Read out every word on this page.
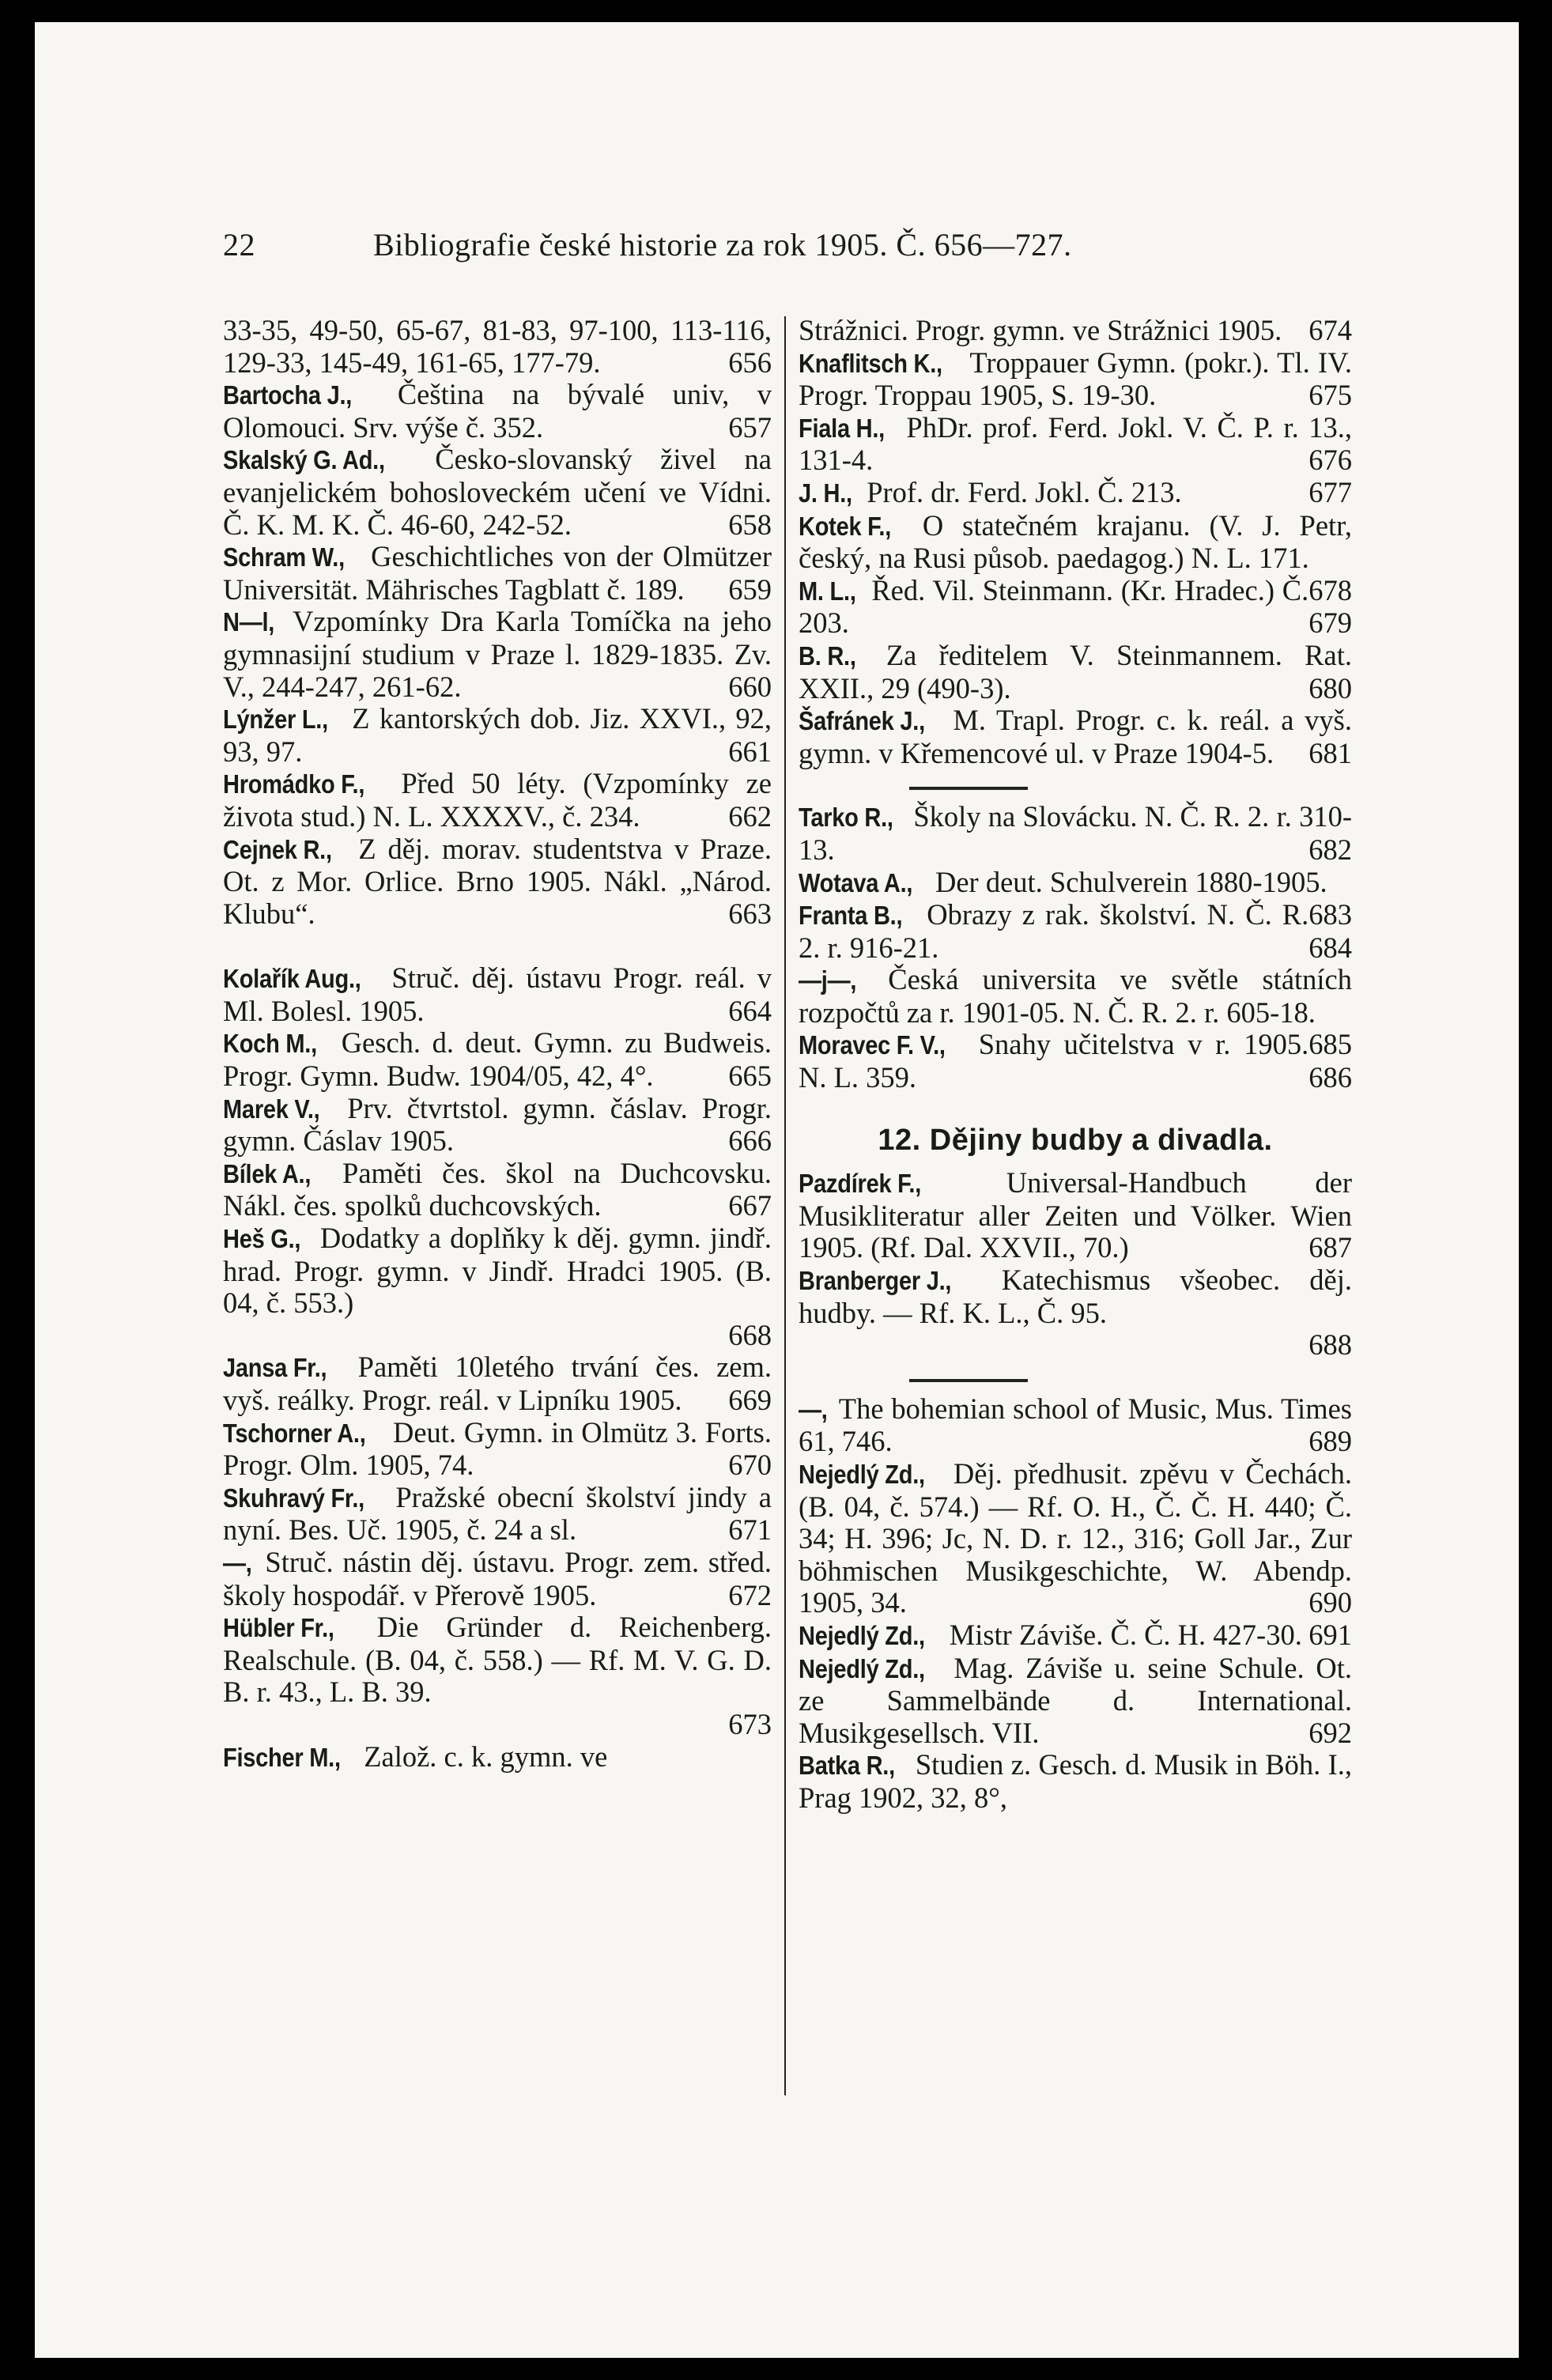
22	Bibliografie české historie za rok 1905. Č. 656—727.

33-35, 49-50, 65-67, 81-83, 97-100, 113-116, 129-33, 145-49, 161-65, 177-79.	656

Bartocha J., Čeština na bývalé univ, v Olomouci. Srv. výše č. 352.	657

Skalský G. Ad., Česko-slovanský živel na evanjelickém bohosloveckém učení ve Vídni. Č. K. M. K. Č. 46-60, 242-52.	658

Schram W., Geschichtliches von der Olmützer Universität. Mährisches Tagblatt č. 189. 659

N—l, Vzpomínky Dra Karla Tomíčka na jeho gymnasijní studium v Praze l. 1829-1835. Zv. V., 244-247, 261-62.	660

Lýnžer L., Z kantorských dob. Jiz. XXVI., 92, 93, 97.	661

Hromádko F., Před 50 léty. (Vzpomínky ze života stud.) N. L. XXXXV., č. 234.	662

Cejnek R., Z děj. morav. studentstva v Praze. Ot. z Mor. Orlice. Brno 1905. Nákl. „Národ. Klubu“.	663

Kolařík Aug., Struč. děj. ústavu Progr. reál. v Ml. Bolesl. 1905.	664

Koch M., Gesch. d. deut. Gymn. zu Budweis. Progr. Gymn. Budw. 1904/05, 42, 4°.	665

Marek V., Prv. čtvrtstol. gymn. čáslav. Progr. gymn. Čáslav 1905.	666

Bílek A., Paměti čes. škol na Duchcovsku. Nákl. čes. spolků duchcovských.	667

Heš G., Dodatky a doplňky k děj. gymn. jindř. hrad. Progr. gymn. v Jindř. Hradci 1905. (B. 04, č. 553.)
668

Jansa Fr., Paměti 10letého trvání čes. zem. vyš. reálky. Progr. reál. v Lipníku 1905. 669

Tschorner A., Deut. Gymn. in Olmütz 3. Forts. Progr. Olm. 1905, 74.	670

Skuhravý Fr., Pražské obecní školství jindy a nyní. Bes. Uč. 1905, č. 24 a sl.	671

—, Struč. nástin děj. ústavu. Progr. zem. střed. školy hospodář. v Přerově 1905.	672

Hübler Fr., Die Gründer d. Reichenberg. Realschule. (B. 04, č. 558.) — Rf. M. V. G. D. B. r. 43., L. B. 39.
673

Fischer M., Založ. c. k. gymn. ve

Strážnici. Progr. gymn. ve Strážnici 1905. 674

Knaflitsch K., Troppauer Gymn. (pokr.). Tl. IV. Progr. Troppau 1905, S. 19-30.	675

Fiala H., PhDr. prof. Ferd. Jokl. V. Č. P. r. 13., 131-4.	676

J. H., Prof. dr. Ferd. Jokl. Č. 213.	677

Kotek F., O statečném krajanu. (V. J. Petr, český, na Rusi působ. paedagog.) N. L. 171.
678

M. L., Řed. Vil. Steinmann. (Kr. Hradec.) Č. 203.	679

B. R., Za ředitelem V. Steinmannem. Rat. XXII., 29 (490-3).	680

Šafránek J., M. Trapl. Progr. c. k. reál. a vyš. gymn. v Křemencové ul. v Praze 1904-5. 681

Tarko R., Školy na Slovácku. N. Č. R. 2. r. 310-13.	682

Wotava A., Der deut. Schulverein 1880-1905.
683

Franta B., Obrazy z rak. školství. N. Č. R. 2. r. 916-21.	684

—j—, Česká universita ve světle státních rozpočtů za r. 1901-05. N. Č. R. 2. r. 605-18.
685

Moravec F. V., Snahy učitelstva v r. 1905. N. L. 359.	686

12. Dějiny budby a divadla.

Pazdírek F., Universal-Handbuch der Musikliteratur aller Zeiten und Völker. Wien 1905. (Rf. Dal. XXVII., 70.)	687

Branberger J., Katechismus všeobec. děj. hudby. — Rf. K. L., Č. 95.
688

—, The bohemian school of Music, Mus. Times 61, 746.	689

Nejedlý Zd., Děj. předhusit. zpěvu v Čechách. (B. 04, č. 574.) — Rf. O. H., Č. Č. H. 440; Č. 34; H. 396; Jc, N. D. r. 12., 316; Goll Jar., Zur böhmischen Musikgeschichte, W. Abendp. 1905, 34.	690

Nejedlý Zd., Mistr Záviše. Č. Č. H. 427-30. 691

Nejedlý Zd., Mag. Záviše u. seine Schule. Ot. ze Sammelbände d. International. Musikgesellsch. VII.	692

Batka R., Studien z. Gesch. d. Musik in Böh. I., Prag 1902, 32, 8°,
